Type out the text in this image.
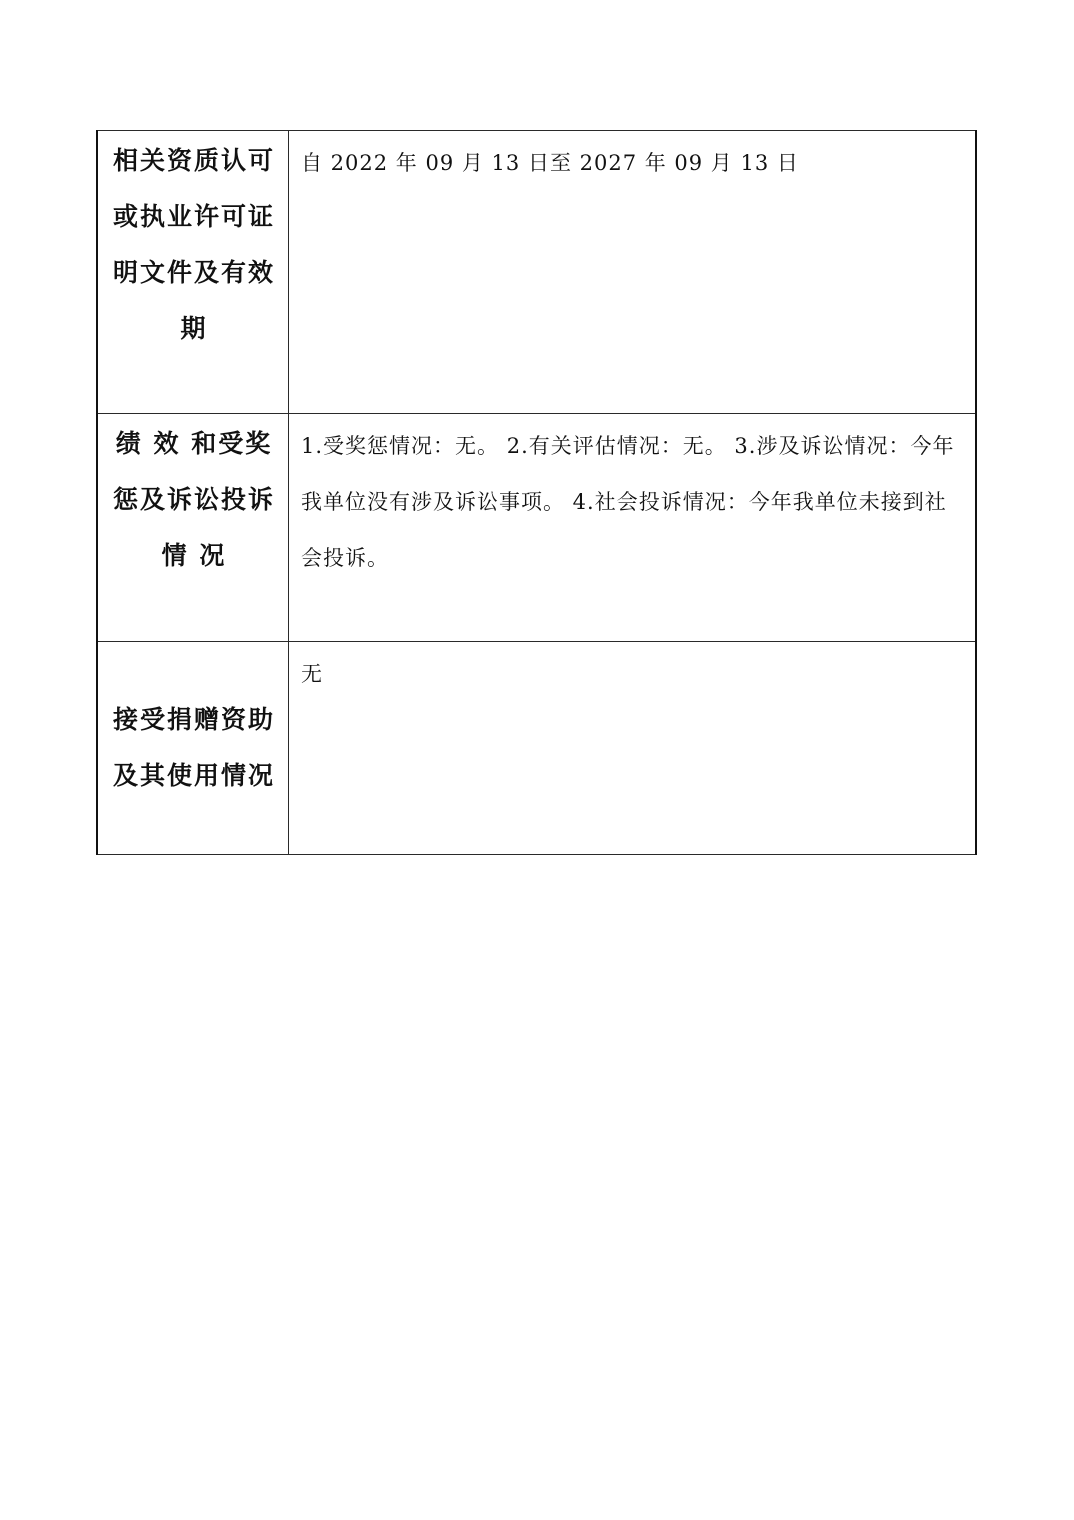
相关资质认可或执业许可证明文件及有效期	自 2022 年 09 月 13 日至 2027 年 09 月 13 日

绩 效 和受奖惩及诉讼投诉情 况	1.受奖惩情况：无。 2.有关评估情况：无。 3.涉及诉讼情况：今年我单位没有涉及诉讼事项。 4.社会投诉情况：今年我单位未接到社会投诉。

接受捐赠资助及其使用情况	无
